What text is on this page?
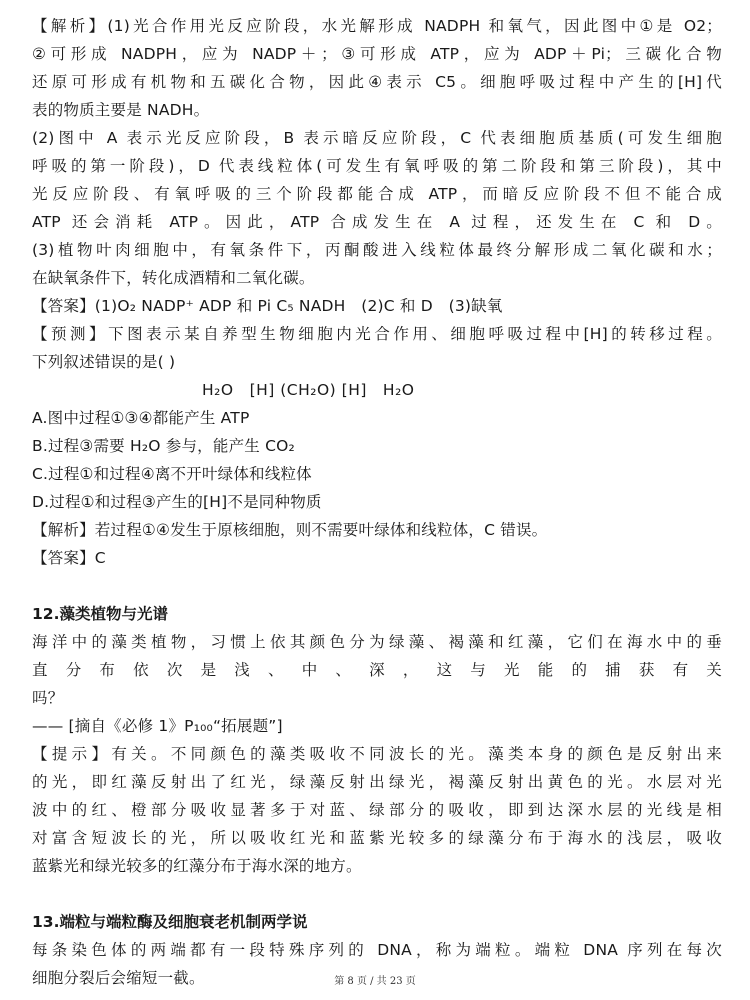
【解析】(1)光合作用光反应阶段，水光解形成 NADPH 和氧气，因此图中①是 O2；
②可形成 NADPH，应为 NADP＋；③可形成 ATP，应为 ADP＋Pi；三碳化合物
还原可形成有机物和五碳化合物，因此④表示 C5。细胞呼吸过程中产生的[H]代
表的物质主要是 NADH。
(2)图中 A 表示光反应阶段，B 表示暗反应阶段，C 代表细胞质基质(可发生细胞
呼吸的第一阶段)，D 代表线粒体(可发生有氧呼吸的第二阶段和第三阶段)，其中
光反应阶段、有氧呼吸的三个阶段都能合成 ATP，而暗反应阶段不但不能合成
ATP 还会消耗 ATP。因此，ATP 合成发生在 A 过程，还发生在 C 和 D。
(3)植物叶肉细胞中，有氧条件下，丙酮酸进入线粒体最终分解形成二氧化碳和水；
在缺氧条件下，转化成酒精和二氧化碳。
【答案】(1)O₂ NADP⁺ ADP 和 Pi C₅ NADH　(2)C 和 D　(3)缺氧
【预测】下图表示某自养型生物细胞内光合作用、细胞呼吸过程中[H]的转移过程。
下列叙述错误的是( )
H₂O　[H] (CH₂O) [H]　H₂O
A.图中过程①③④都能产生 ATP
B.过程③需要 H₂O 参与，能产生 CO₂
C.过程①和过程④离不开叶绿体和线粒体
D.过程①和过程③产生的[H]不是同种物质
【解析】若过程①④发生于原核细胞，则不需要叶绿体和线粒体，C 错误。
【答案】C
12.藻类植物与光谱
海洋中的藻类植物，习惯上依其颜色分为绿藻、褐藻和红藻，它们在海水中的垂
直分布依次是浅、中、深，这与光能的捕获有关
吗？
—— [摘自《必修 1》P₁₀₀“拓展题”]
【提示】有关。不同颜色的藻类吸收不同波长的光。藻类本身的颜色是反射出来
的光，即红藻反射出了红光，绿藻反射出绿光，褐藻反射出黄色的光。水层对光
波中的红、橙部分吸收显著多于对蓝、绿部分的吸收，即到达深水层的光线是相
对富含短波长的光，所以吸收红光和蓝紫光较多的绿藻分布于海水的浅层，吸收
蓝紫光和绿光较多的红藻分布于海水深的地方。
13.端粒与端粒酶及细胞衰老机制两学说
每条染色体的两端都有一段特殊序列的 DNA，称为端粒。端粒 DNA 序列在每次
细胞分裂后会缩短一截。	第 8 页 / 共 23 页
